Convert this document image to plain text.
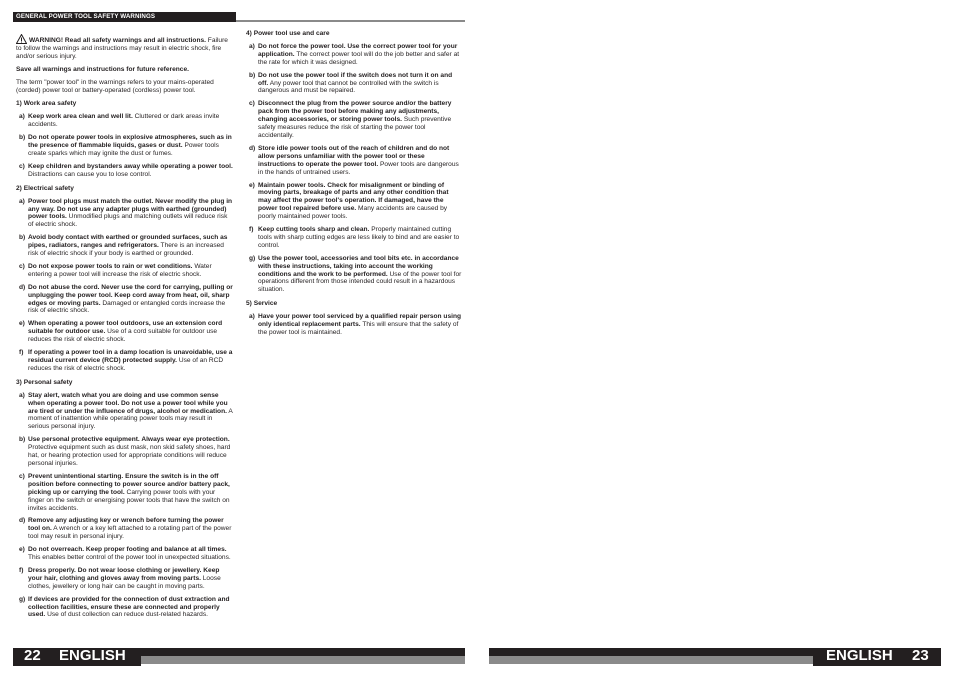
GENERAL POWER TOOL SAFETY WARNINGS

WARNING! Read all safety warnings and all instructions. Failure to follow the warnings and instructions may result in electric shock, fire and/or serious injury.

Save all warnings and instructions for future reference.

The term "power tool" in the warnings refers to your mains-operated (corded) power tool or battery-operated (cordless) power tool.

1) Work area safety
a) Keep work area clean and well lit. Cluttered or dark areas invite accidents.
b) Do not operate power tools in explosive atmospheres, such as in the presence of flammable liquids, gases or dust. Power tools create sparks which may ignite the dust or fumes.
c) Keep children and bystanders away while operating a power tool. Distractions can cause you to lose control.
2) Electrical safety
a) Power tool plugs must match the outlet. Never modify the plug in any way. Do not use any adapter plugs with earthed (grounded) power tools. Unmodified plugs and matching outlets will reduce risk of electric shock.
b) Avoid body contact with earthed or grounded surfaces, such as pipes, radiators, ranges and refrigerators. There is an increased risk of electric shock if your body is earthed or grounded.
c) Do not expose power tools to rain or wet conditions. Water entering a power tool will increase the risk of electric shock.
d) Do not abuse the cord. Never use the cord for carrying, pulling or unplugging the power tool. Keep cord away from heat, oil, sharp edges or moving parts. Damaged or entangled cords increase the risk of electric shock.
e) When operating a power tool outdoors, use an extension cord suitable for outdoor use. Use of a cord suitable for outdoor use reduces the risk of electric shock.
f) If operating a power tool in a damp location is unavoidable, use a residual current device (RCD) protected supply. Use of an RCD reduces the risk of electric shock.
3) Personal safety
a) Stay alert, watch what you are doing and use common sense when operating a power tool. Do not use a power tool while you are tired or under the influence of drugs, alcohol or medication. A moment of inattention while operating power tools may result in serious personal injury.
b) Use personal protective equipment. Always wear eye protection. Protective equipment such as dust mask, non skid safety shoes, hard hat, or hearing protection used for appropriate conditions will reduce personal injuries.
c) Prevent unintentional starting. Ensure the switch is in the off position before connecting to power source and/or battery pack, picking up or carrying the tool. Carrying power tools with your finger on the switch or energising power tools that have the switch on invites accidents.
d) Remove any adjusting key or wrench before turning the power tool on. A wrench or a key left attached to a rotating part of the power tool may result in personal injury.
e) Do not overreach. Keep proper footing and balance at all times. This enables better control of the power tool in unexpected situations.
f) Dress properly. Do not wear loose clothing or jewellery. Keep your hair, clothing and gloves away from moving parts. Loose clothes, jewellery or long hair can be caught in moving parts.
g) If devices are provided for the connection of dust extraction and collection facilities, ensure these are connected and properly used. Use of dust collection can reduce dust-related hazards.
4) Power tool use and care
a) Do not force the power tool. Use the correct power tool for your application. The correct power tool will do the job better and safer at the rate for which it was designed.
b) Do not use the power tool if the switch does not turn it on and off. Any power tool that cannot be controlled with the switch is dangerous and must be repaired.
c) Disconnect the plug from the power source and/or the battery pack from the power tool before making any adjustments, changing accessories, or storing power tools. Such preventive safety measures reduce the risk of starting the power tool accidentally.
d) Store idle power tools out of the reach of children and do not allow persons unfamiliar with the power tool or these instructions to operate the power tool. Power tools are dangerous in the hands of untrained users.
e) Maintain power tools. Check for misalignment or binding of moving parts, breakage of parts and any other condition that may affect the power tool's operation. If damaged, have the power tool repaired before use. Many accidents are caused by poorly maintained power tools.
f) Keep cutting tools sharp and clean. Properly maintained cutting tools with sharp cutting edges are less likely to bind and are easier to control.
g) Use the power tool, accessories and tool bits etc. in accordance with these instructions, taking into account the working conditions and the work to be performed. Use of the power tool for operations different from those intended could result in a hazardous situation.
5) Service
a) Have your power tool serviced by a qualified repair person using only identical replacement parts. This will ensure that the safety of the power tool is maintained.
22 ENGLISH	ENGLISH 23
